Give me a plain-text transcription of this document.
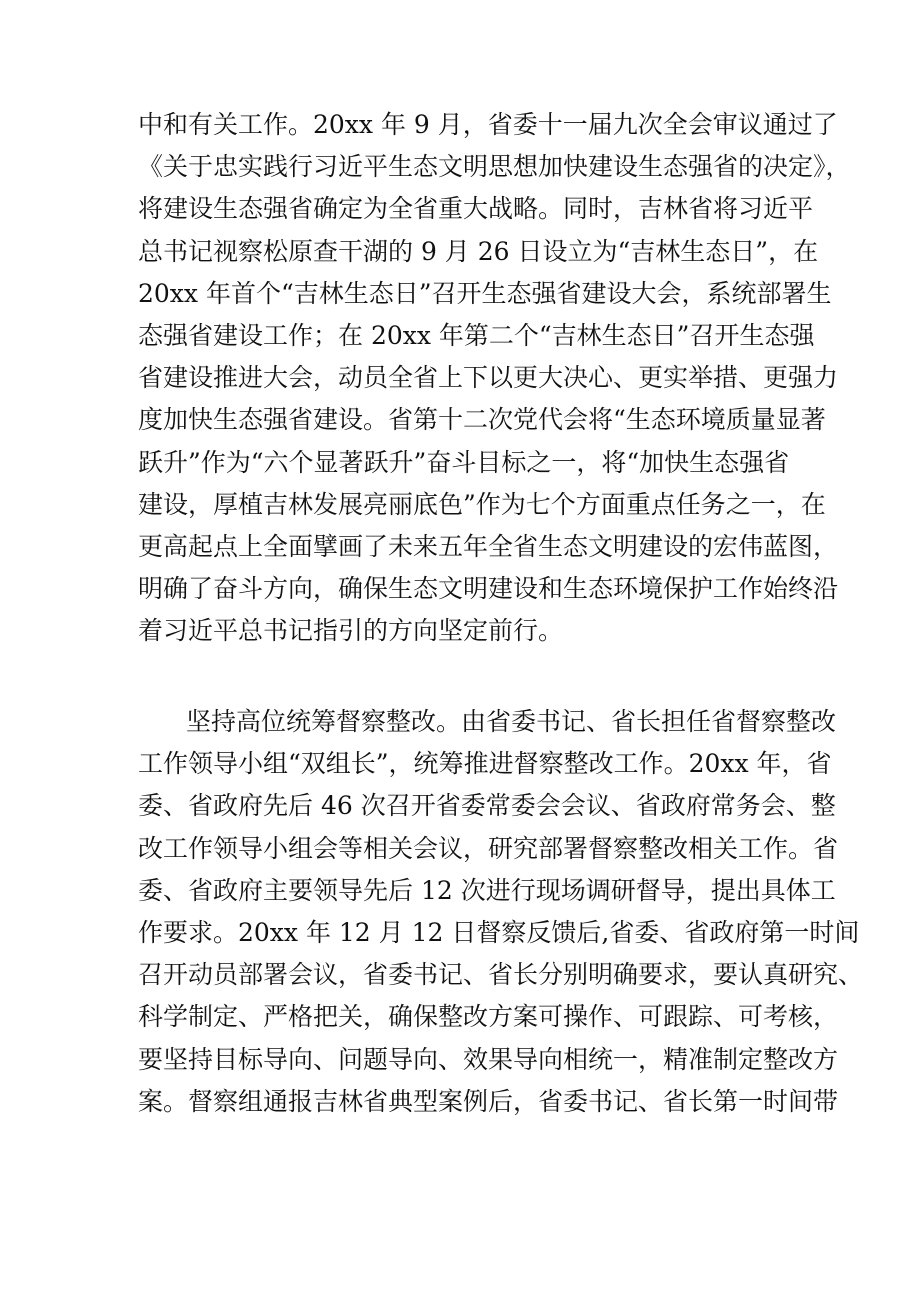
中和有关工作。20xx 年 9 月，省委十一届九次全会审议通过了
《关于忠实践行习近平生态文明思想加快建设生态强省的决定》，
将建设生态强省确定为全省重大战略。同时，吉林省将习近平
总书记视察松原查干湖的 9 月 26 日设立为“吉林生态日”，在
20xx 年首个“吉林生态日”召开生态强省建设大会，系统部署生
态强省建设工作；在 20xx 年第二个“吉林生态日”召开生态强
省建设推进大会，动员全省上下以更大决心、更实举措、更强力
度加快生态强省建设。省第十二次党代会将“生态环境质量显著
跃升”作为“六个显著跃升”奋斗目标之一，将“加快生态强省
建设，厚植吉林发展亮丽底色”作为七个方面重点任务之一，在
更高起点上全面擘画了未来五年全省生态文明建设的宏伟蓝图，
明确了奋斗方向，确保生态文明建设和生态环境保护工作始终沿
着习近平总书记指引的方向坚定前行。
坚持高位统筹督察整改。由省委书记、省长担任省督察整改
工作领导小组“双组长”，统筹推进督察整改工作。20xx 年，省
委、省政府先后 46 次召开省委常委会会议、省政府常务会、整
改工作领导小组会等相关会议，研究部署督察整改相关工作。省
委、省政府主要领导先后 12 次进行现场调研督导，提出具体工
作要求。20xx 年 12 月 12 日督察反馈后,省委、省政府第一时间
召开动员部署会议，省委书记、省长分别明确要求，要认真研究、
科学制定、严格把关，确保整改方案可操作、可跟踪、可考核，
要坚持目标导向、问题导向、效果导向相统一，精准制定整改方
案。督察组通报吉林省典型案例后，省委书记、省长第一时间带
